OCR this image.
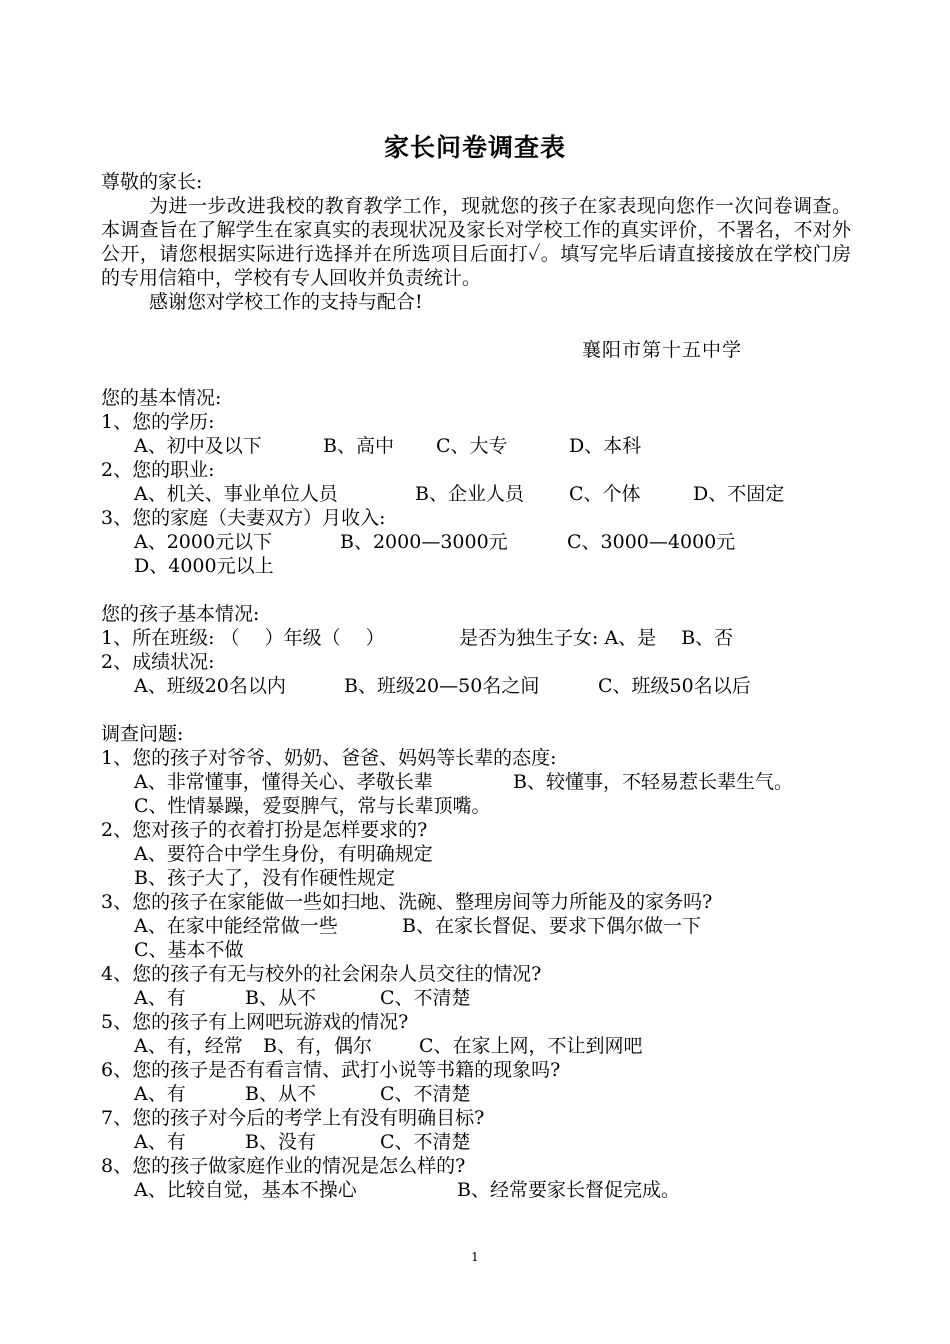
家长问卷调查表
尊敬的家长:
为进一步改进我校的教育教学工作，现就您的孩子在家表现向您作一次问卷调查。本调查旨在了解学生在家真实的表现状况及家长对学校工作的真实评价，不署名，不对外公开，请您根据实际进行选择并在所选项目后面打✓。填写完毕后请直接接放在学校门房的专用信箱中，学校有专人回收并负责统计。
感谢您对学校工作的支持与配合!
襄阳市第十五中学
您的基本情况:
1、您的学历:
A、初中及以下	B、高中 C、大专	D、本科
2、您的职业:
A、机关、事业单位人员	B、企业人员 C、个体	D、不固定
3、您的家庭（夫妻双方）月收入:
A、2000元以下	B、2000—3000元	C、3000—4000元
D、4000元以上
您的孩子基本情况:
1、所在班级: （　 ）年级（　 ）	是否为独生子女: A、是　 B、否
2、成绩状况:
A、班级20名以内	B、班级20—50名之间	C、班级50名以后
调查问题:
1、您的孩子对爷爷、奶奶、爸爸、妈妈等长辈的态度:
A、非常懂事，懂得关心、孝敬长辈	B、较懂事，不轻易惹长辈生气。
C、性情暴躁，爱耍脾气，常与长辈顶嘴。
2、您对孩子的衣着打扮是怎样要求的?
A、要符合中学生身份，有明确规定
B、孩子大了，没有作硬性规定
3、您的孩子在家能做一些如扫地、洗碗、整理房间等力所能及的家务吗?
A、在家中能经常做一些	B、在家长督促、要求下偶尔做一下
C、基本不做
4、您的孩子有无与校外的社会闲杂人员交往的情况?
A、有	B、从不	C、不清楚
5、您的孩子有上网吧玩游戏的情况?
A、有，经常 B、有，偶尔 C、在家上网，不让到网吧
6、您的孩子是否有看言情、武打小说等书籍的现象吗?
A、有	B、从不	C、不清楚
7、您的孩子对今后的考学上有没有明确目标?
A、有	B、没有	C、不清楚
8、您的孩子做家庭作业的情况是怎么样的?
A、比较自觉，基本不操心	B、经常要家长督促完成。
1
